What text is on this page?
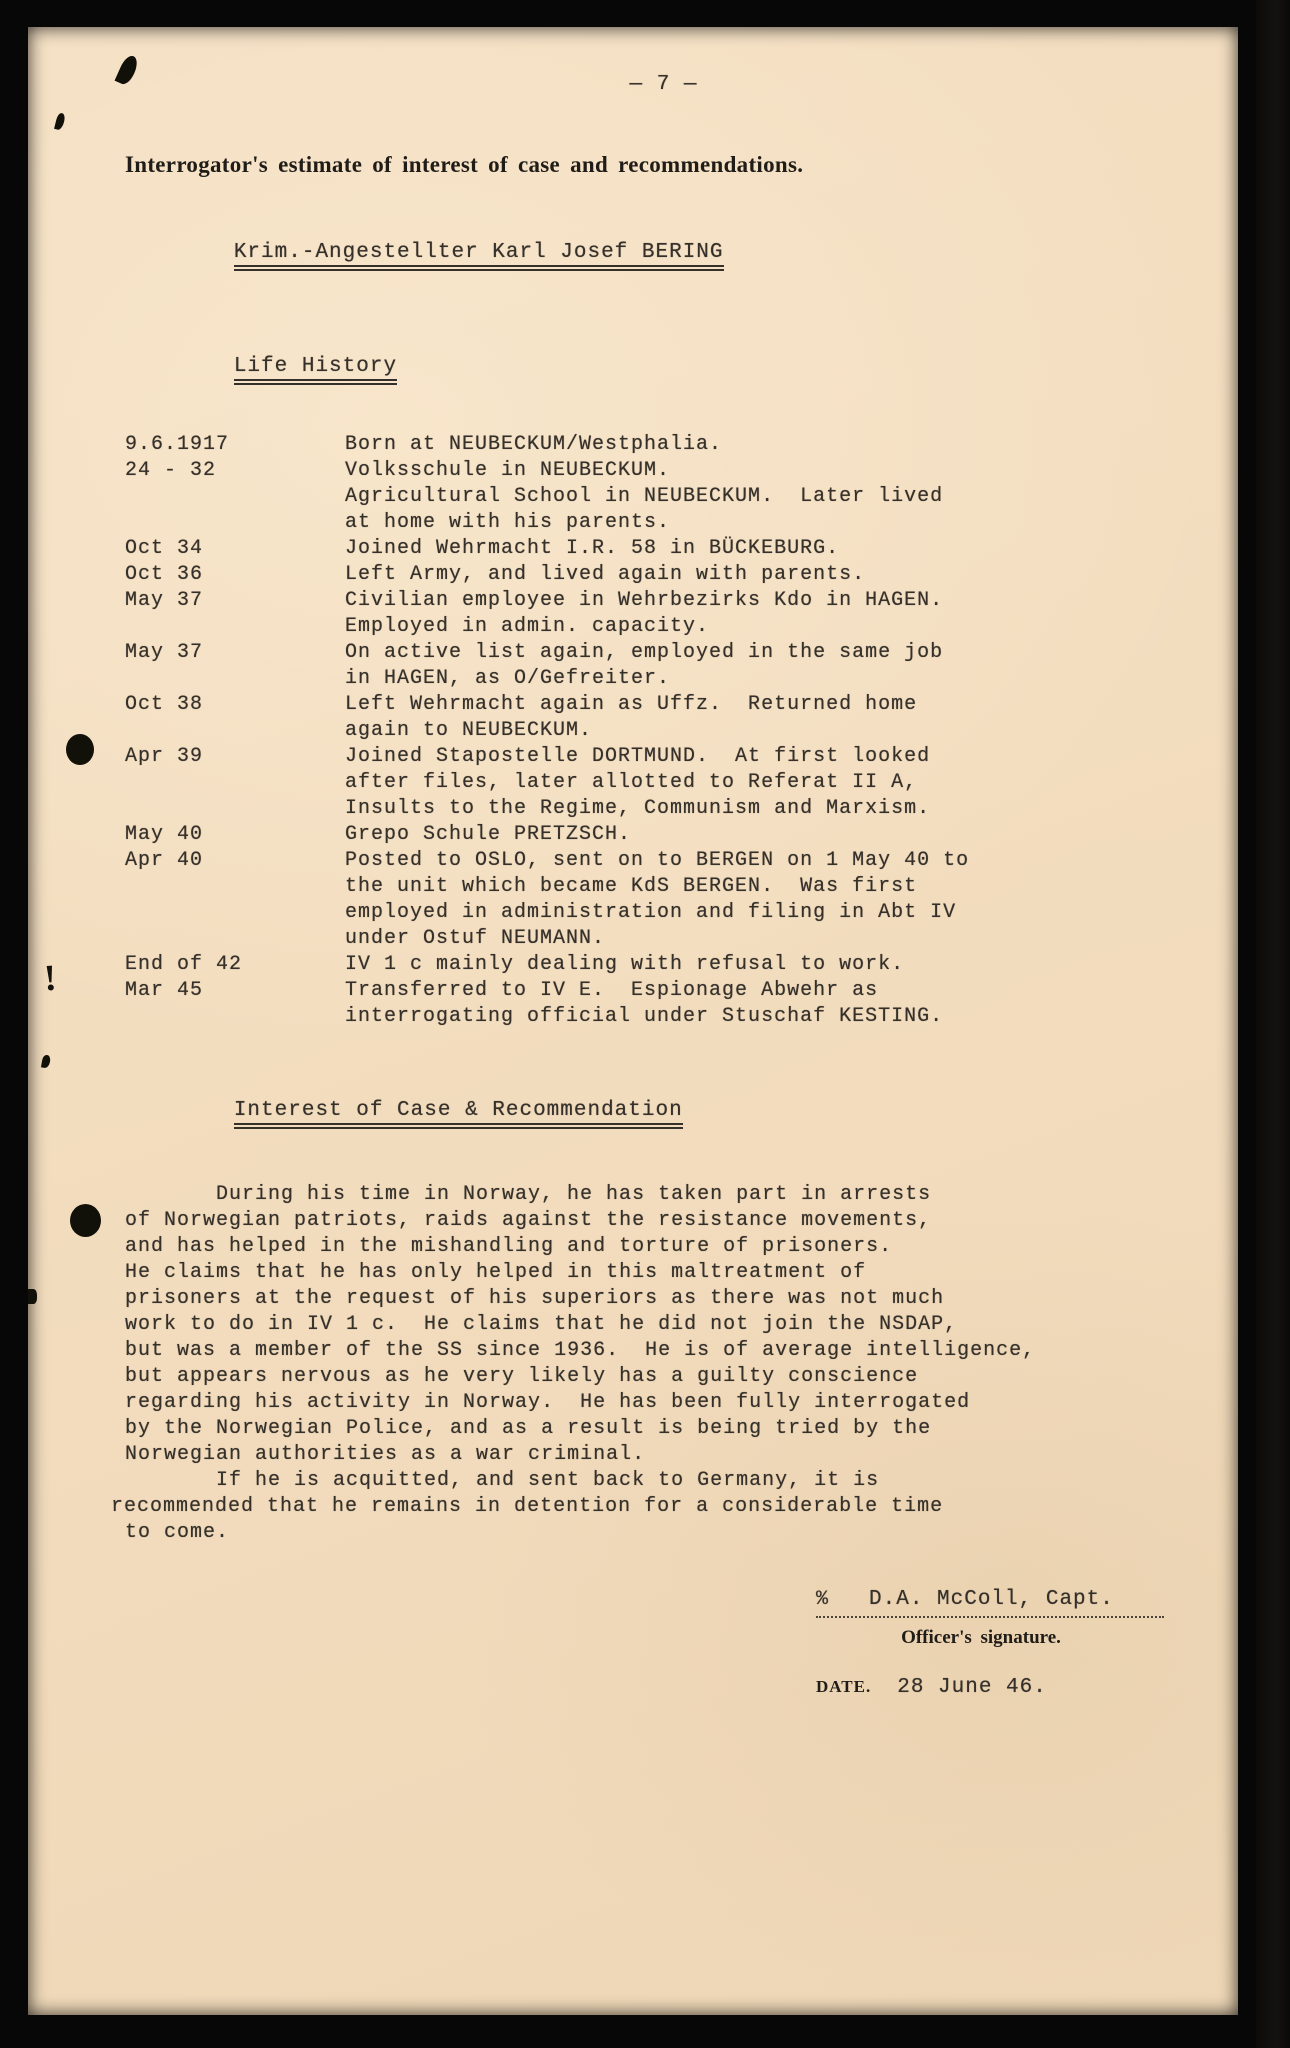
!
— 7 —
Interrogator's estimate of interest of case and recommendations.

Krim.-Angestellter Karl Josef BERING

Life History

9.6.1917	Born at NEUBECKUM/Westphalia.
24 - 32	Volksschule in NEUBECKUM.
Agricultural School in NEUBECKUM.  Later lived
at home with his parents.
Oct 34	Joined Wehrmacht I.R. 58 in BÜCKEBURG.
Oct 36	Left Army, and lived again with parents.
May 37	Civilian employee in Wehrbezirks Kdo in HAGEN.
Employed in admin. capacity.
May 37	On active list again, employed in the same job
in HAGEN, as O/Gefreiter.
Oct 38	Left Wehrmacht again as Uffz.  Returned home
again to NEUBECKUM.
Apr 39	Joined Stapostelle DORTMUND.  At first looked
after files, later allotted to Referat II A,
Insults to the Regime, Communism and Marxism.
May 40	Grepo Schule PRETZSCH.
Apr 40	Posted to OSLO, sent on to BERGEN on 1 May 40 to
the unit which became KdS BERGEN.  Was first
employed in administration and filing in Abt IV
under Ostuf NEUMANN.
End of 42	IV 1 c mainly dealing with refusal to work.
Mar 45	Transferred to IV E.  Espionage Abwehr as
interrogating official under Stuschaf KESTING.

Interest of Case & Recommendation

During his time in Norway, he has taken part in arrests
of Norwegian patriots, raids against the resistance movements,
and has helped in the mishandling and torture of prisoners.
He claims that he has only helped in this maltreatment of
prisoners at the request of his superiors as there was not much
work to do in IV 1 c.  He claims that he did not join the NSDAP,
but was a member of the SS since 1936.  He is of average intelligence,
but appears nervous as he very likely has a guilty conscience
regarding his activity in Norway.  He has been fully interrogated
by the Norwegian Police, and as a result is being tried by the
Norwegian authorities as a war criminal.
If he is acquitted, and sent back to Germany, it is
recommended that he remains in detention for a considerable time
to come.
% D.A. McColl, Capt.
Officer's signature.
DATE. 28 June 46.
